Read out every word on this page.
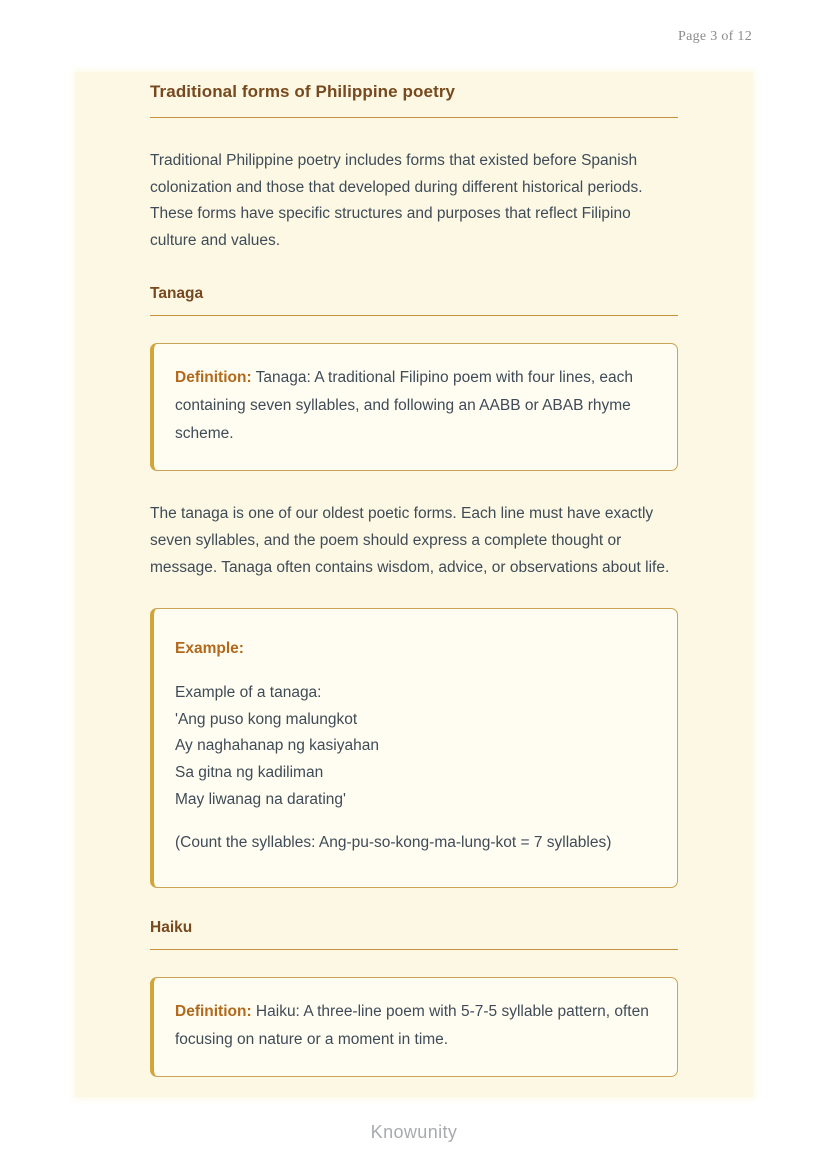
Page 3 of 12
Traditional forms of Philippine poetry

Traditional Philippine poetry includes forms that existed before Spanish colonization and those that developed during different historical periods. These forms have specific structures and purposes that reflect Filipino culture and values.

Tanaga

Definition: Tanaga: A traditional Filipino poem with four lines, each containing seven syllables, and following an AABB or ABAB rhyme scheme.

The tanaga is one of our oldest poetic forms. Each line must have exactly seven syllables, and the poem should express a complete thought or message. Tanaga often contains wisdom, advice, or observations about life.

Example:

Example of a tanaga:
'Ang puso kong malungkot
Ay naghahanap ng kasiyahan
Sa gitna ng kadiliman
May liwanag na darating'

(Count the syllables: Ang-pu-so-kong-ma-lung-kot = 7 syllables)

Haiku

Definition: Haiku: A three-line poem with 5-7-5 syllable pattern, often focusing on nature or a moment in time.

Knowunity
